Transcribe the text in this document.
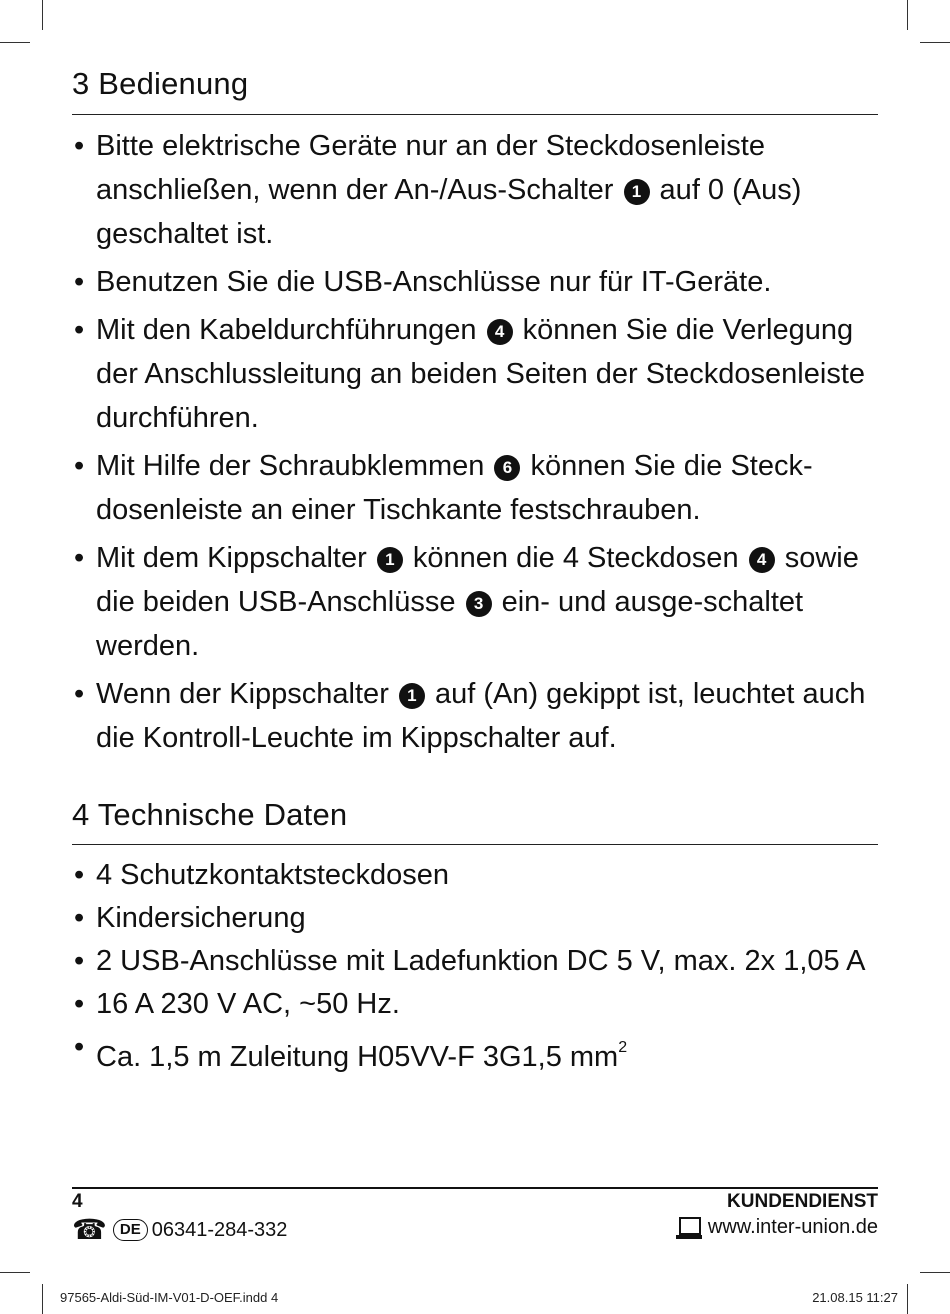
3 Bedienung
• Bitte elektrische Geräte nur an der Steckdosenleiste anschließen, wenn der An-/Aus-Schalter 1 auf 0 (Aus) geschaltet ist.
• Benutzen Sie die USB-Anschlüsse nur für IT-Geräte.
• Mit den Kabeldurchführungen 4 können Sie die Verlegung der Anschlussleitung an beiden Seiten der Steckdosenleiste durchführen.
• Mit Hilfe der Schraubklemmen 6 können Sie die Steck-dosenleiste an einer Tischkante festschrauben.
• Mit dem Kippschalter 1 können die 4 Steckdosen 4 sowie die beiden USB-Anschlüsse 3 ein- und ausge-schaltet werden.
• Wenn der Kippschalter 1 auf (An) gekippt ist, leuchtet auch die Kontroll-Leuchte im Kippschalter auf.
4 Technische Daten
• 4 Schutzkontaktsteckdosen
• Kindersicherung
• 2 USB-Anschlüsse mit Ladefunktion DC 5 V, max. 2x 1,05 A
• 16 A 230 V AC, ~50 Hz.
• Ca. 1,5 m Zuleitung H05VV-F 3G1,5 $mm^2$
4	KUNDENDIENST
☎ DE 06341-284-332	www.inter-union.de
97565-Aldi-Süd-IM-V01-D-OEF.indd 4	21.08.15 11:27
